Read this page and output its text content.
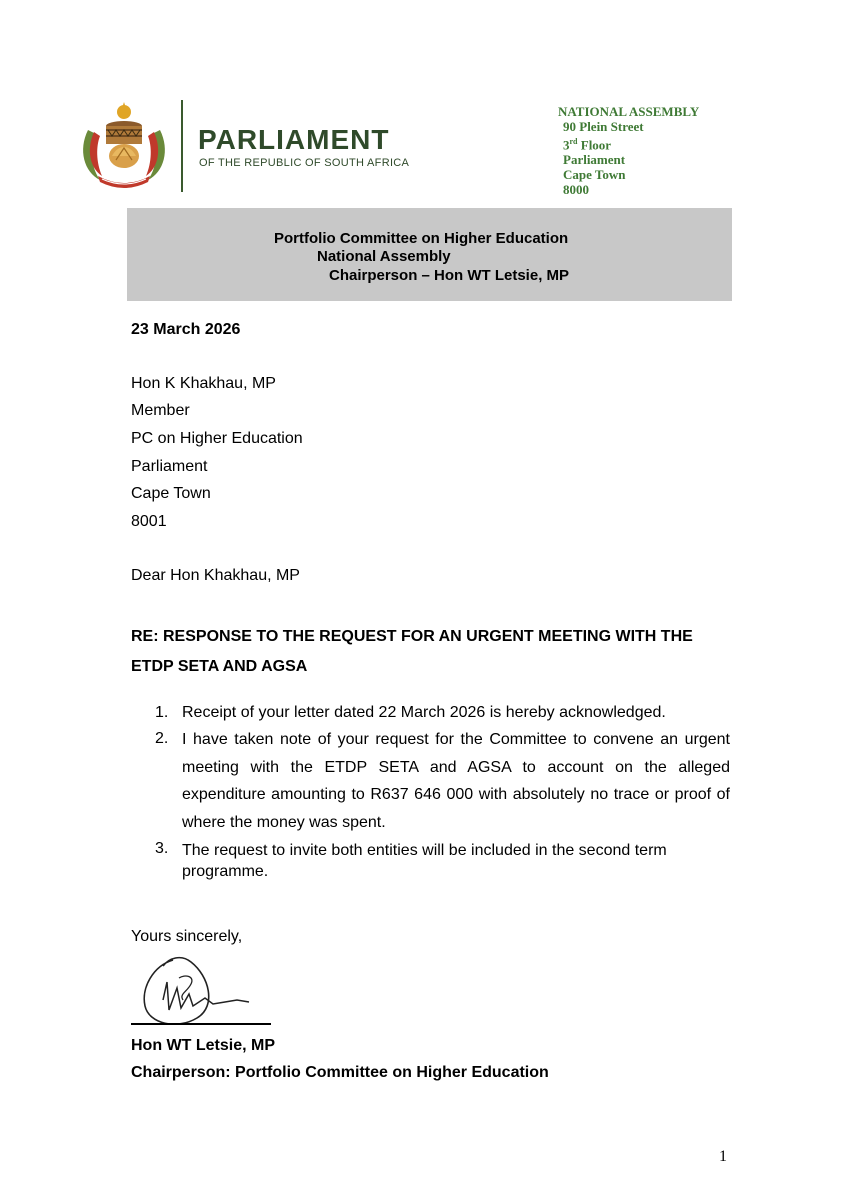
PARLIAMENT
OF THE REPUBLIC OF SOUTH AFRICA
NATIONAL ASSEMBLY
90 Plein Street
3rd Floor
Parliament
Cape Town
8000
Portfolio Committee on Higher Education
National Assembly
Chairperson – Hon WT Letsie, MP
23 March 2026
Hon K Khakhau, MP
Member
PC on Higher Education
Parliament
Cape Town
8001
Dear Hon Khakhau, MP
RE: RESPONSE TO THE REQUEST FOR AN URGENT MEETING WITH THE ETDP SETA AND AGSA
1. Receipt of your letter dated 22 March 2026 is hereby acknowledged.
2. I have taken note of your request for the Committee to convene an urgent meeting with the ETDP SETA and AGSA to account on the alleged expenditure amounting to R637 646 000 with absolutely no trace or proof of where the money was spent.
3. The request to invite both entities will be included in the second term programme.
Yours sincerely,
Hon WT Letsie, MP
Chairperson: Portfolio Committee on Higher Education
1
